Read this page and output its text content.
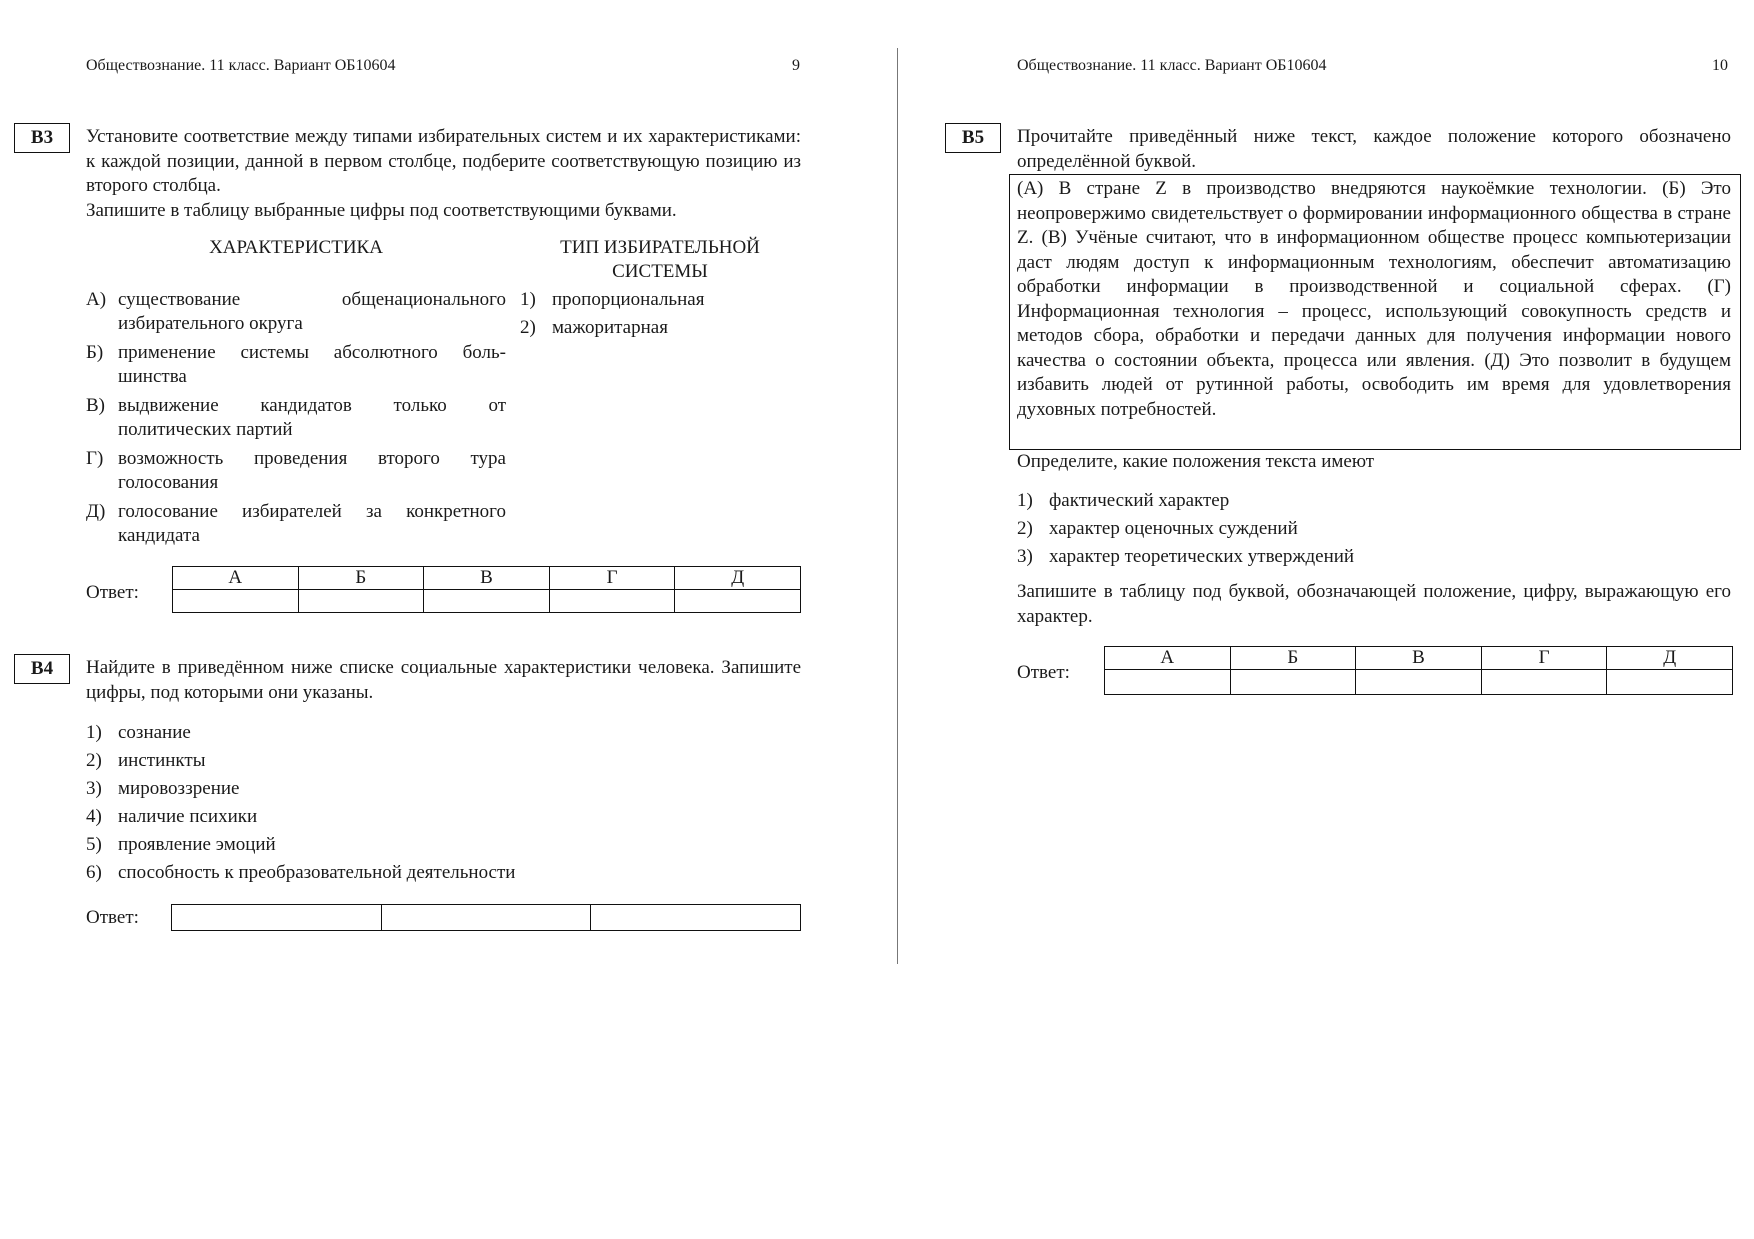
Обществознание. 11 класс. Вариант ОБ10604	9
В3	Установите соответствие между типами избирательных систем и их характеристиками: к каждой позиции, данной в первом столбце, подберите соответствующую позицию из второго столбца.

Запишите в таблицу выбранные цифры под соответствующими буквами.

ХАРАКТЕРИСТИКА	ТИП ИЗБИРАТЕЛЬНОЙ
СИСТЕМЫ
А) существование общенационального избирательного округа
Б) применение системы абсолютного боль-шинства
В) выдвижение кандидатов только от политических партий
Г) возможность проведения второго тура голосования
Д) голосование избирателей за конкретного кандидата
1) пропорциональная
2) мажоритарная
Ответ:
А	Б	В	Г	Д

В4	Найдите в приведённом ниже списке социальные характеристики человека. Запишите цифры, под которыми они указаны.
1) сознание
2) инстинкты
3) мировоззрение
4) наличие психики
5) проявление эмоций
6) способность к преобразовательной деятельности
Ответ:

Обществознание. 11 класс. Вариант ОБ10604	10
В5	Прочитайте приведённый ниже текст, каждое положение которого обозначено определённой буквой.
(А) В стране Z в производство внедряются наукоёмкие технологии. (Б) Это неопровержимо свидетельствует о формировании информационного общества в стране Z. (В) Учёные считают, что в информационном обществе процесс компьютеризации даст людям доступ к информационным технологиям, обеспечит автоматизацию обработки информации в производственной и социальной сферах. (Г) Информационная технология – процесс, использующий совокупность средств и методов сбора, обработки и передачи данных для получения информации нового качества о состоянии объекта, процесса или явления. (Д) Это позволит в будущем избавить людей от рутинной работы, освободить им время для удовлетворения духовных потребностей.
Определите, какие положения текста имеют
1) фактический характер
2) характер оценочных суждений
3) характер теоретических утверждений
Запишите в таблицу под буквой, обозначающей положение, цифру, выражающую его характер.
Ответ:
А	Б	В	Г	Д
